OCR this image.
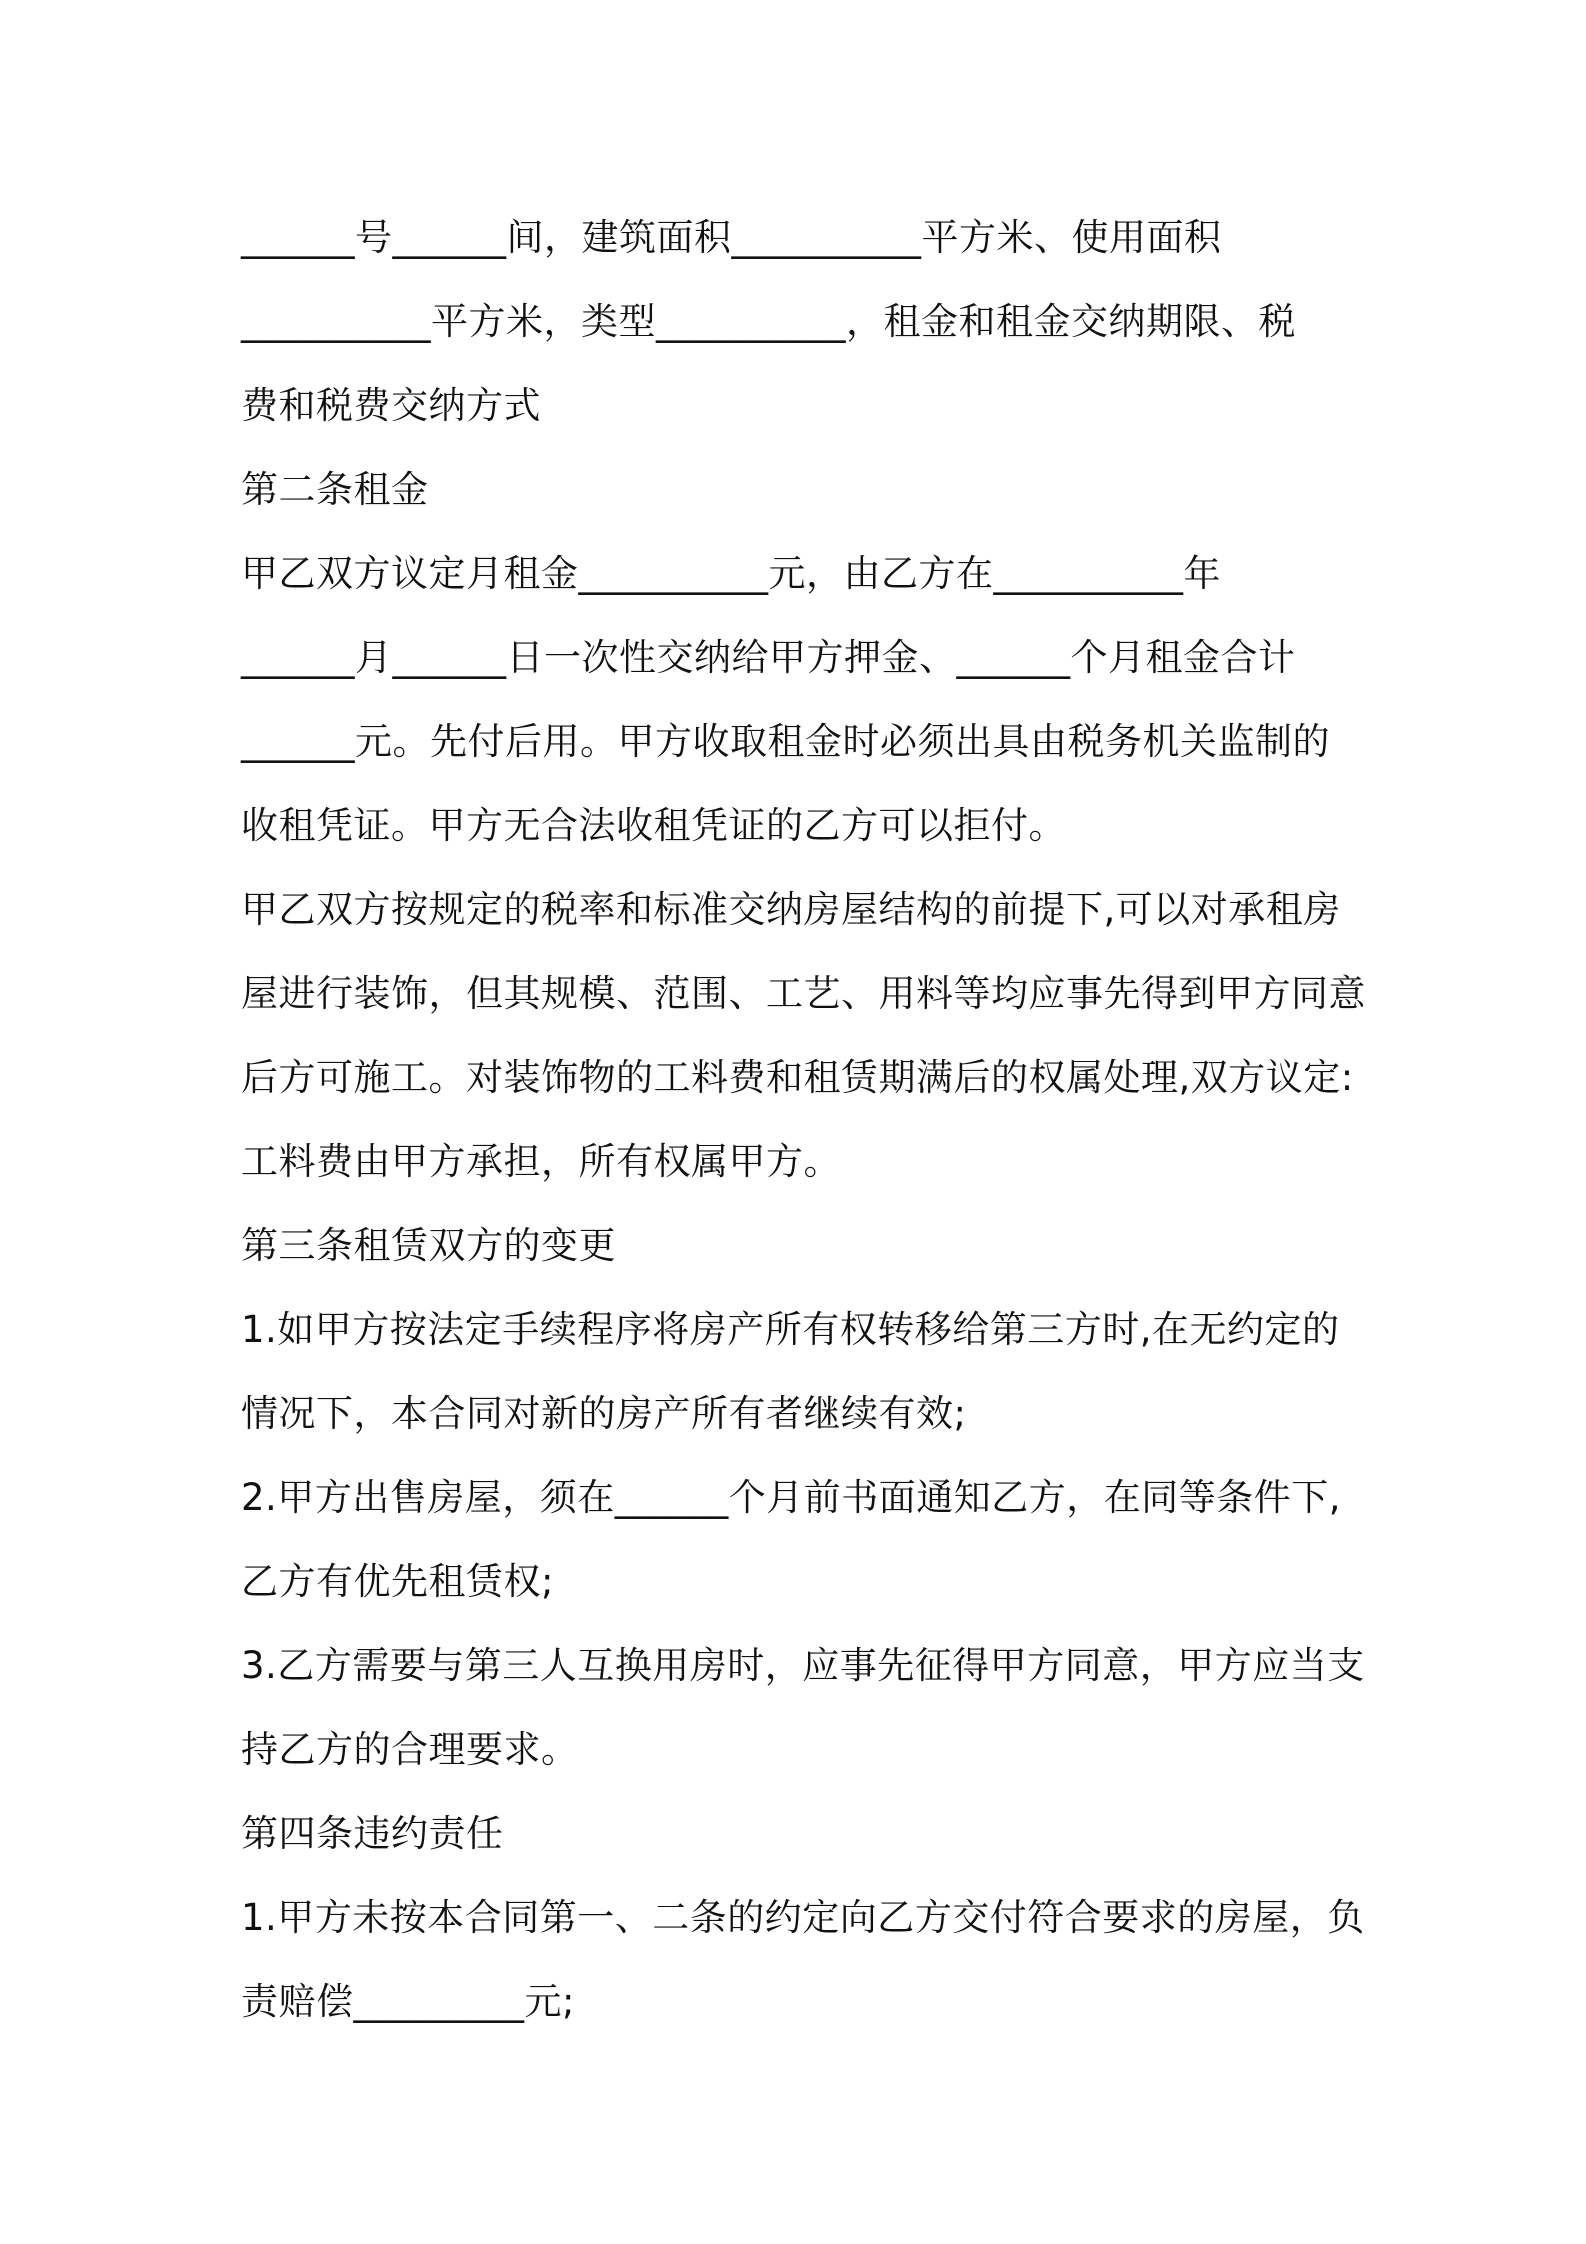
______号______间，建筑面积__________平方米、使用面积
__________平方米，类型__________，租金和租金交纳期限、税
费和税费交纳方式
第二条租金
甲乙双方议定月租金__________元，由乙方在__________年
______月______日一次性交纳给甲方押金、______个月租金合计
______元。先付后用。甲方收取租金时必须出具由税务机关监制的
收租凭证。甲方无合法收租凭证的乙方可以拒付。
甲乙双方按规定的税率和标准交纳房屋结构的前提下,可以对承租房
屋进行装饰，但其规模、范围、工艺、用料等均应事先得到甲方同意
后方可施工。对装饰物的工料费和租赁期满后的权属处理,双方议定:
工料费由甲方承担，所有权属甲方。
第三条租赁双方的变更
1.如甲方按法定手续程序将房产所有权转移给第三方时,在无约定的
情况下，本合同对新的房产所有者继续有效;
2.甲方出售房屋，须在______个月前书面通知乙方，在同等条件下,
乙方有优先租赁权;
3.乙方需要与第三人互换用房时，应事先征得甲方同意，甲方应当支
持乙方的合理要求。
第四条违约责任
1.甲方未按本合同第一、二条的约定向乙方交付符合要求的房屋，负
责赔偿_________元;
